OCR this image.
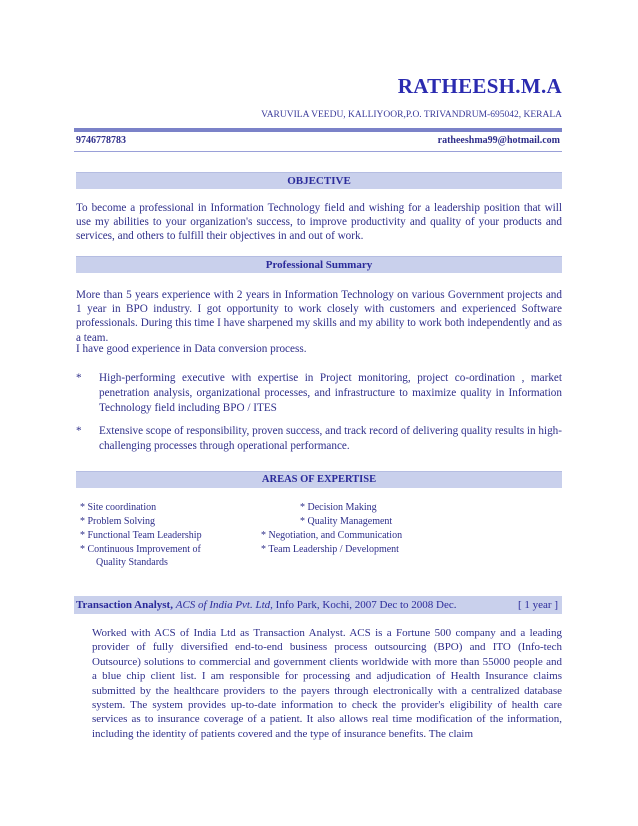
RATHEESH.M.A
VARUVILA VEEDU, KALLIYOOR,P.O. TRIVANDRUM-695042, KERALA
9746778783	ratheeshma99@hotmail.com
OBJECTIVE
To become a professional in Information Technology field and wishing for a leadership position that will use my abilities to your organization's success, to improve productivity and quality of your products and services, and others to fulfill their objectives in and out of work.
Professional Summary
More than 5 years experience with 2 years in Information Technology on various Government projects and 1 year in BPO industry. I got opportunity to work closely with customers and experienced Software professionals. During this time I have sharpened my skills and my ability to work both independently and as a team.
I have good experience in Data conversion process.
* High-performing executive with expertise in Project monitoring, project co-ordination , market penetration analysis, organizational processes, and infrastructure to maximize quality in Information Technology field including BPO / ITES
* Extensive scope of responsibility, proven success, and track record of delivering quality results in high-challenging processes through operational performance.
AREAS OF EXPERTISE
* Site coordination
* Problem Solving
* Functional Team Leadership
* Continuous Improvement of
Quality Standards
* Decision Making
* Quality Management
* Negotiation, and Communication
* Team Leadership / Development
Transaction Analyst, ACS of India Pvt. Ltd, Info Park, Kochi, 2007 Dec to 2008 Dec.	[ 1 year ]
Worked with ACS of India Ltd as Transaction Analyst. ACS is a Fortune 500 company and a leading provider of fully diversified end-to-end business process outsourcing (BPO) and ITO (Info-tech Outsource) solutions to commercial and government clients worldwide with more than 55000 people and a blue chip client list. I am responsible for processing and adjudication of Health Insurance claims submitted by the healthcare providers to the payers through electronically with a centralized database system. The system provides up-to-date information to check the provider's eligibility of health care services as to insurance coverage of a patient. It also allows real time modification of the information, including the identity of patients covered and the type of insurance benefits. The claim
